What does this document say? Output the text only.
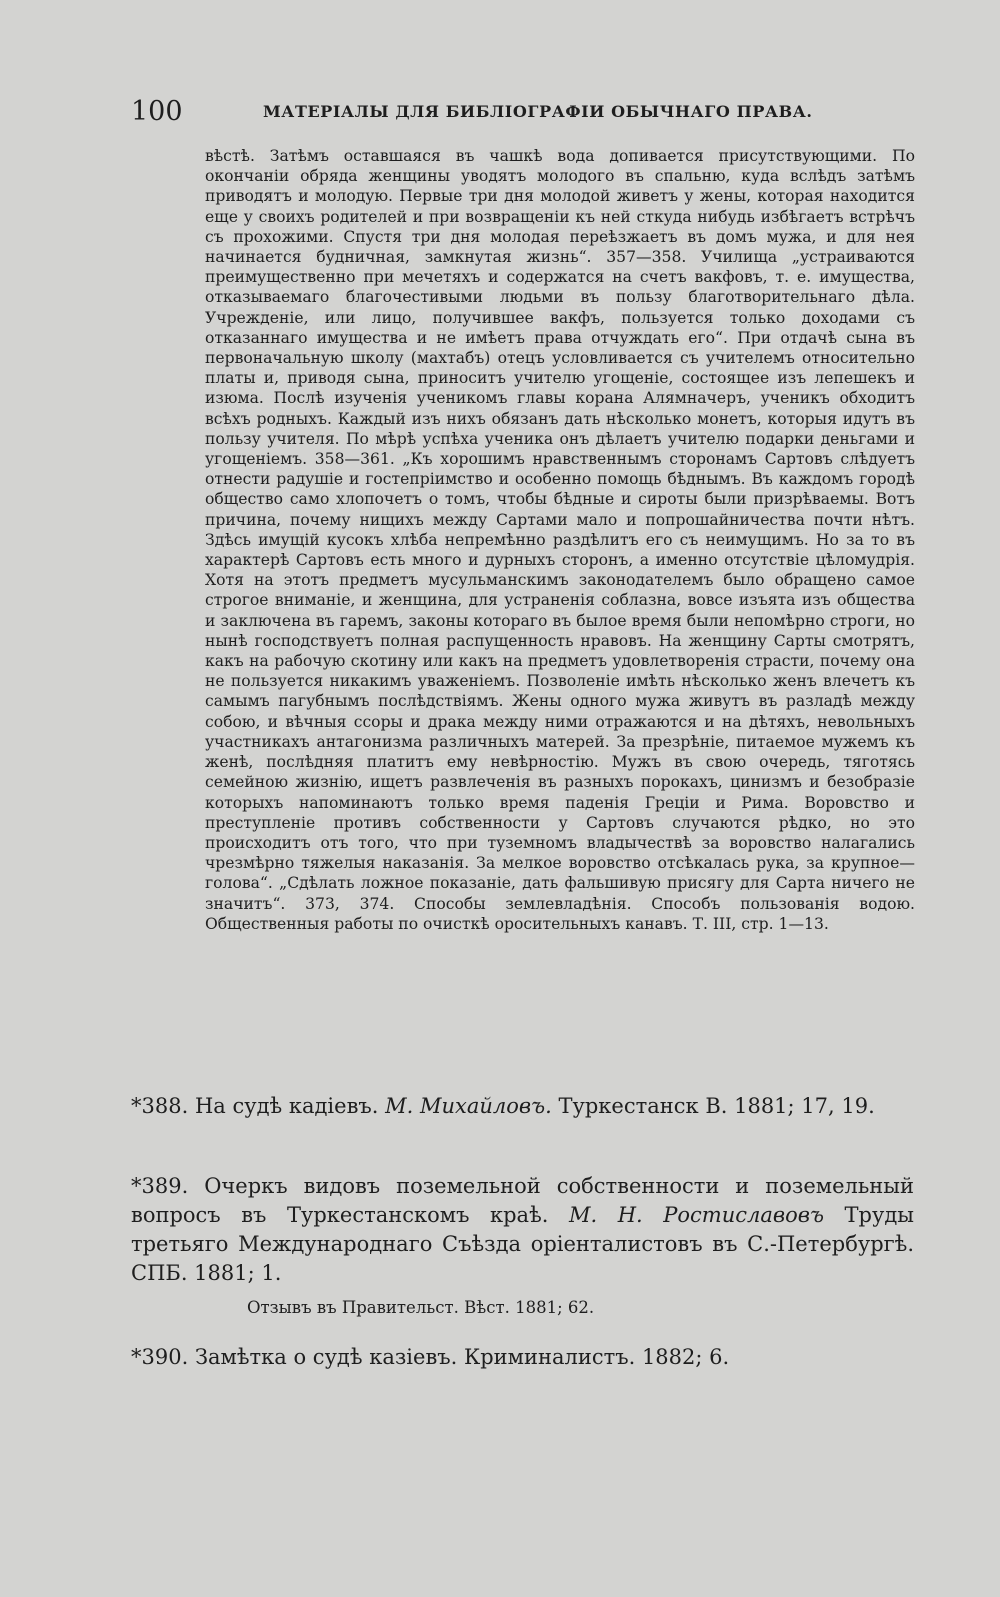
100	МАТЕРІАЛЫ ДЛЯ БИБЛІОГРАФІИ ОБЫЧНАГО ПРАВА.

вѣстѣ. Затѣмъ оставшаяся въ чашкѣ вода допивается присутствующими. По окончаніи обряда женщины уводятъ молодого въ спальню, куда вслѣдъ затѣмъ приводятъ и молодую. Первые три дня молодой живетъ у жены, которая находится еще у своихъ родителей и при возвращеніи къ ней сткуда нибудь избѣгаетъ встрѣчъ съ прохожими. Спустя три дня молодая переѣзжаетъ въ домъ мужа, и для нея начинается будничная, замкнутая жизнь“. 357—358. Училища „устраиваются преимущественно при мечетяхъ и содержатся на счетъ вакфовъ, т. е. имущества, отказываемаго благочестивыми людьми въ пользу благотворительнаго дѣла. Учрежденіе, или лицо, получившее вакфъ, пользуется только доходами съ отказаннаго имущества и не имѣетъ права отчуждать его“. При отдачѣ сына въ первоначальную школу (махтабъ) отецъ условливается съ учителемъ относительно платы и, приводя сына, приноситъ учителю угощеніе, состоящее изъ лепешекъ и изюма. Послѣ изученія ученикомъ главы корана Алямначеръ, ученикъ обходитъ всѣхъ родныхъ. Каждый изъ нихъ обязанъ дать нѣсколько монетъ, которыя идутъ въ пользу учителя. По мѣрѣ успѣха ученика онъ дѣлаетъ учителю подарки деньгами и угощеніемъ. 358—361. „Къ хорошимъ нравственнымъ сторонамъ Сартовъ слѣдуетъ отнести радушіе и гостепріимство и особенно помощь бѣднымъ. Въ каждомъ городѣ общество само хлопочетъ о томъ, чтобы бѣдные и сироты были призрѣваемы. Вотъ причина, почему нищихъ между Сартами мало и попрошайничества почти нѣтъ. Здѣсь имущій кусокъ хлѣба непремѣнно раздѣлитъ его съ неимущимъ. Но за то въ характерѣ Сартовъ есть много и дурныхъ сторонъ, а именно отсутствіе цѣломудрія. Хотя на этотъ предметъ мусульманскимъ законодателемъ было обращено самое строгое вниманіе, и женщина, для устраненія соблазна, вовсе изъята изъ общества и заключена въ гаремъ, законы котораго въ былое время были непомѣрно строги, но нынѣ господствуетъ полная распущенность нравовъ. На женщину Сарты смотрятъ, какъ на рабочую скотину или какъ на предметъ удовлетворенія страсти, почему она не пользуется никакимъ уваженіемъ. Позволеніе имѣть нѣсколько женъ влечетъ къ самымъ пагубнымъ послѣдствіямъ. Жены одного мужа живутъ въ разладѣ между собою, и вѣчныя ссоры и драка между ними отражаются и на дѣтяхъ, невольныхъ участникахъ антагонизма различныхъ матерей. За презрѣніе, питаемое мужемъ къ женѣ, послѣдняя платитъ ему невѣрностію. Мужъ въ свою очередь, тяготясь семейною жизнію, ищетъ развлеченія въ разныхъ порокахъ, цинизмъ и безобразіе которыхъ напоминаютъ только время паденія Греціи и Рима. Воровство и преступленіе противъ собственности у Сартовъ случаются рѣдко, но это происходитъ отъ того, что при туземномъ владычествѣ за воровство налагались чрезмѣрно тяжелыя наказанія. За мелкое воровство отсѣкалась рука, за крупное— голова“. „Сдѣлать ложное показаніе, дать фальшивую присягу для Сарта ничего не значитъ“. 373, 374. Способы землевладѣнія. Способъ пользованія водою. Общественныя работы по очисткѣ оросительныхъ канавъ. Т. III, стр. 1—13.

*388. На судѣ кадіевъ. М. Михайловъ. Туркестанск В. 1881; 17, 19.

*389. Очеркъ видовъ поземельной собственности и поземельный вопросъ въ Туркестанскомъ краѣ. М. Н. Ростиславовъ Труды третьяго Международнаго Съѣзда оріенталистовъ въ С.-Петербургѣ. СПБ. 1881; 1.

Отзывъ въ Правительст. Вѣст. 1881; 62.

*390. Замѣтка о судѣ казіевъ. Криминалистъ. 1882; 6.
